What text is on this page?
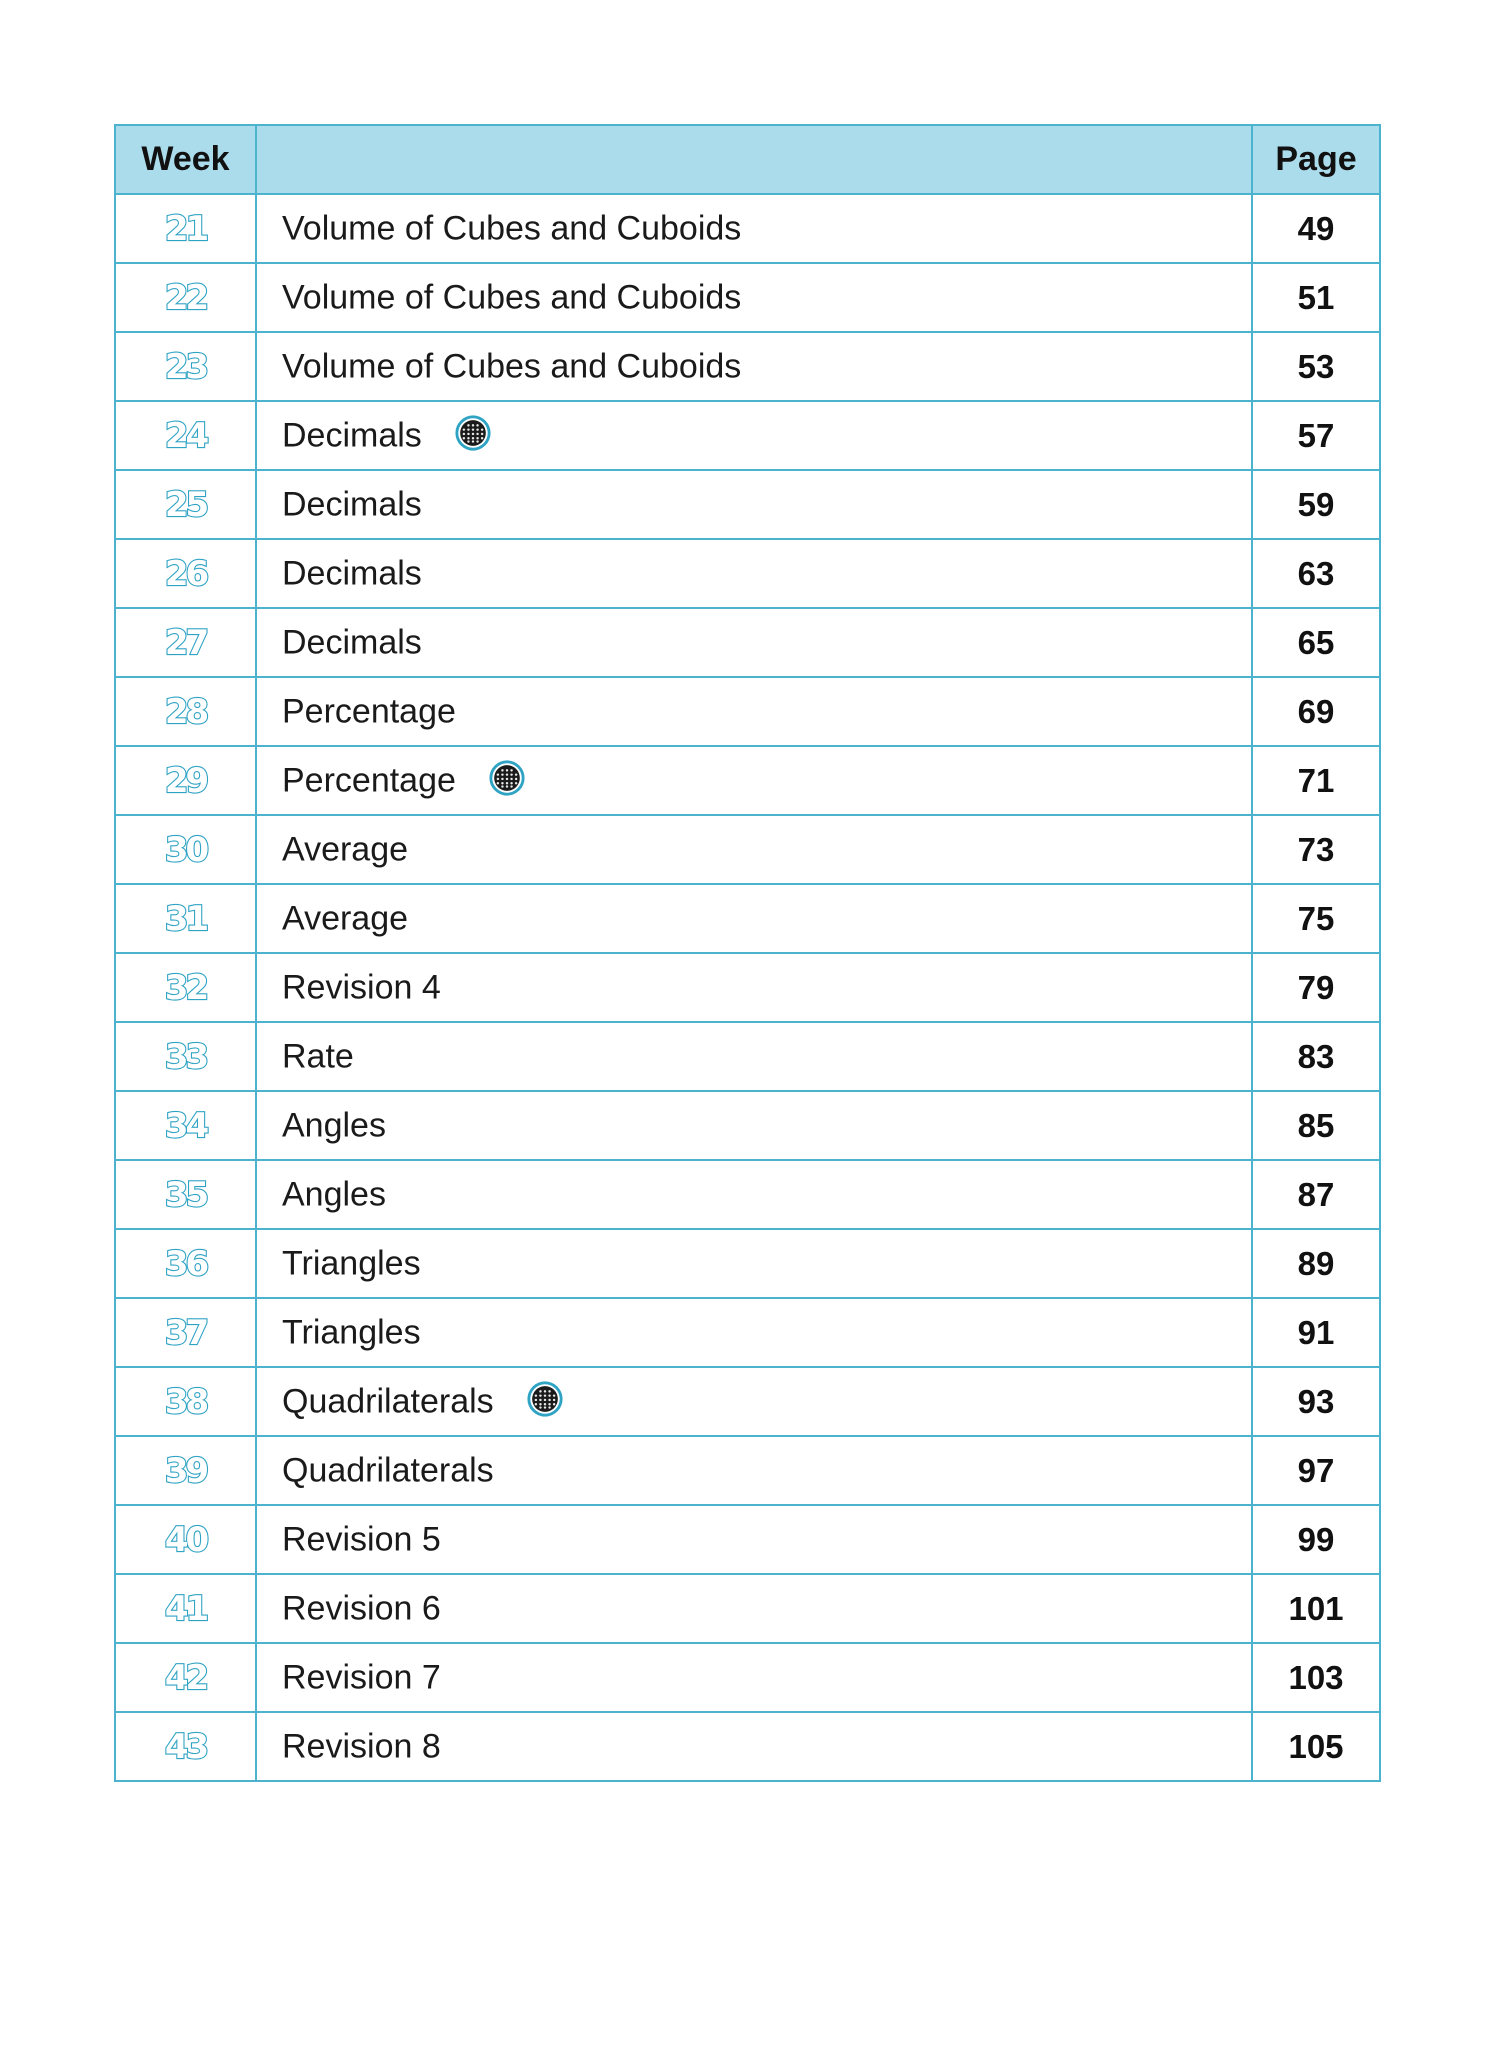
Week		Page
21	Volume of Cubes and Cuboids	49
22	Volume of Cubes and Cuboids	51
23	Volume of Cubes and Cuboids	53
24	Decimals	57
25	Decimals	59
26	Decimals	63
27	Decimals	65
28	Percentage	69
29	Percentage	71
30	Average	73
31	Average	75
32	Revision 4	79
33	Rate	83
34	Angles	85
35	Angles	87
36	Triangles	89
37	Triangles	91
38	Quadrilaterals	93
39	Quadrilaterals	97
40	Revision 5	99
41	Revision 6	101
42	Revision 7	103
43	Revision 8	105
